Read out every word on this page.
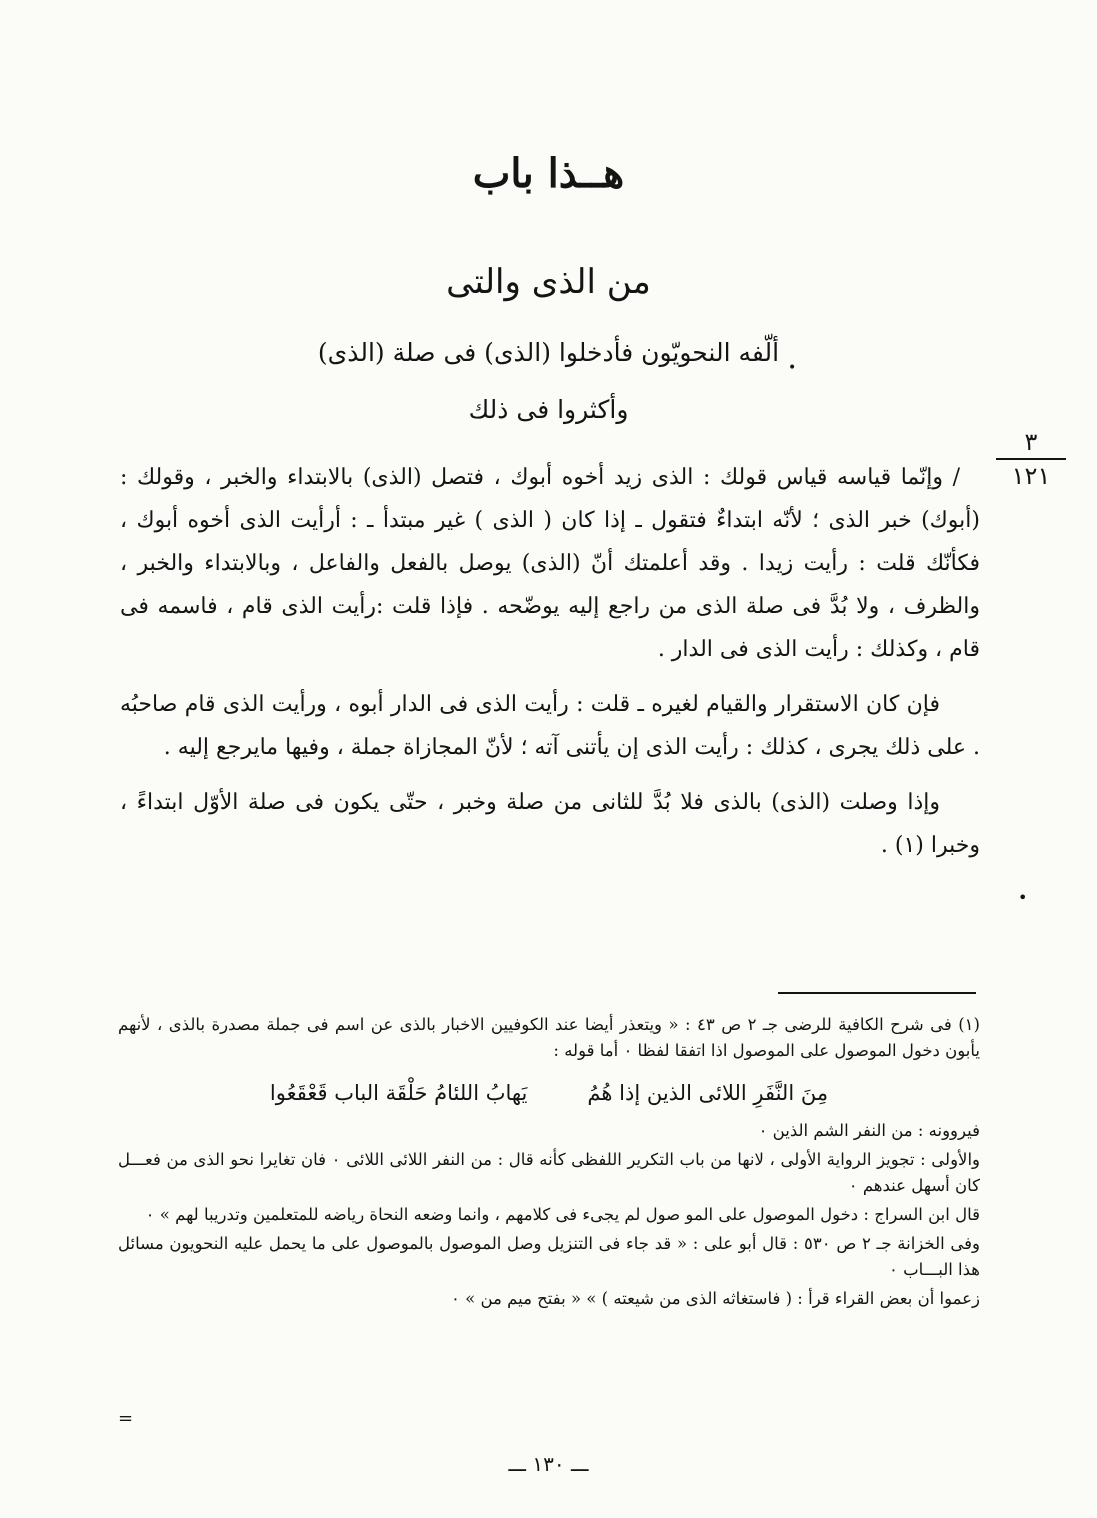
هــذا باب
من الذى والتى
ألّفه النحويّون فأدخلوا (الذى) فى صلة (الذى)
•
وأكثروا فى ذلك
٣
١٢١

/ وإنّما قياسه قياس قولك : الذى زيد أخوه أبوك ، فتصل (الذى) بالابتداء والخبر ، وقولك : (أبوك) خبر الذى ؛ لأنّه ابتداءٌ فتقول ـ إذا كان ( الذى ) غير مبتدأ ـ : أرأيت الذى أخوه أبوك ، فكأنّك قلت : رأيت زيدا . وقد أعلمتك أنّ (الذى) يوصل بالفعل والفاعل ، وبالابتداء والخبر ، والظرف ، ولا بُدَّ فى صلة الذى من راجع إليه يوضّحه . فإذا قلت :رأيت الذى قام ، فاسمه فى قام ، وكذلك : رأيت الذى فى الدار .

فإن كان الاستقرار والقيام لغيره ـ قلت : رأيت الذى فى الدار أبوه ، ورأيت الذى قام صاحبُه . على ذلك يجرى ، كذلك : رأيت الذى إن يأتنى آته ؛ لأنّ المجازاة جملة ، وفيها مايرجع إليه .

وإذا وصلت (الذى) بالذى فلا بُدَّ للثانى من صلة وخبر ، حتّى يكون فى صلة الأوّل ابتداءً ، وخبرا (١) .

•

(١) فى شرح الكافية للرضى جـ ٢ ص ٤٣ : « ويتعذر أيضا عند الكوفيين الاخبار بالذى عن اسم فى جملة مصدرة بالذى ، لأنهم يأبون دخول الموصول على الموصول اذا اتفقا لفظا ٠ أما قوله :

مِنَ النَّفَرِ اللائى الذين إذا هُمُ
يَهابُ اللئامُ حَلْقَة الباب قَعْقَعُوا

فيروونه : من النفر الشم الذين ٠

والأولى : تجويز الرواية الأولى ، لانها من باب التكرير اللفظى كأنه قال : من النفر اللائى اللائى ٠ فان تغايرا نحو الذى من فعـــل كان أسهل عندهم ٠

قال ابن السراج : دخول الموصول على المو صول لم يجىء فى كلامهم ، وانما وضعه النحاة رياضه للمتعلمين وتدريبا لهم » ٠

وفى الخزانة جـ ٢ ص ٥٣٠ : قال أبو على : « قد جاء فى التنزيل وصل الموصول بالموصول على ما يحمل عليه النحويون مسائل هذا البـــاب ٠

زعموا أن بعض القراء قرأ : ( فاستغاثه الذى من شيعته ) » « بفتح ميم من » ٠

=
ـــ ١٣٠ ـــ
